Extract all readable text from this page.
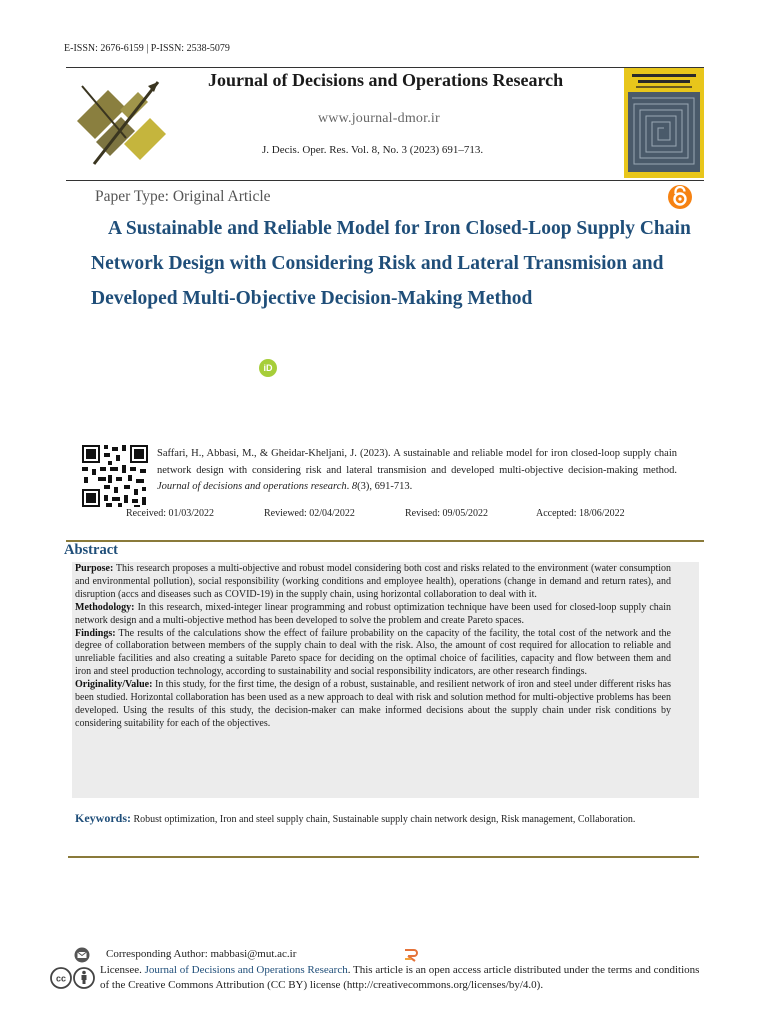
E-ISSN: 2676-6159 | P-ISSN: 2538-5079
Journal of Decisions and Operations Research
www.journal-dmor.ir
J. Decis. Oper. Res. Vol. 8, No. 3 (2023) 691–713.
Paper Type: Original Article
A Sustainable and Reliable Model for Iron Closed-Loop Supply Chain Network Design with Considering Risk and Lateral Transmision and Developed Multi-Objective Decision-Making Method
iD
Saffari, H., Abbasi, M., & Gheidar-Kheljani, J. (2023). A sustainable and reliable model for iron closed-loop supply chain network design with considering risk and lateral transmision and developed multi-objective decision-making method. Journal of decisions and operations research. 8(3), 691-713.
Received: 01/03/2022	Reviewed: 02/04/2022	Revised: 09/05/2022	Accepted: 18/06/2022
Abstract

Purpose: This research proposes a multi-objective and robust model considering both cost and risks related to the environment (water consumption and environmental pollution), social responsibility (working conditions and employee health), operations (change in demand and return rates), and disruption (accs and diseases such as COVID-19) in the supply chain, using horizontal collaboration to deal with it.

Methodology: In this research, mixed-integer linear programming and robust optimization technique have been used for closed-loop supply chain network design and a multi-objective method has been developed to solve the problem and create Pareto spaces.

Findings: The results of the calculations show the effect of failure probability on the capacity of the facility, the total cost of the network and the degree of collaboration between members of the supply chain to deal with the risk. Also, the amount of cost required for allocation to reliable and unreliable facilities and also creating a suitable Pareto space for deciding on the optimal choice of facilities, capacity and flow between them and iron and steel production technology, according to sustainability and social responsibility indicators, are other research findings.

Originality/Value: In this study, for the first time, the design of a robust, sustainable, and resilient network of iron and steel under different risks has been studied. Horizontal collaboration has been used as a new approach to deal with risk and solution method for multi-objective problems has been developed. Using the results of this study, the decision-maker can make informed decisions about the supply chain under risk conditions by considering suitability for each of the objectives.

Keywords: Robust optimization, Iron and steel supply chain, Sustainable supply chain network design, Risk management, Collaboration.
Corresponding Author: mabbasi@mut.ac.ir
cc
Licensee. Journal of Decisions and Operations Research. This article is an open access article distributed under the terms and conditions of the Creative Commons Attribution (CC BY) license (http://creativecommons.org/licenses/by/4.0).
